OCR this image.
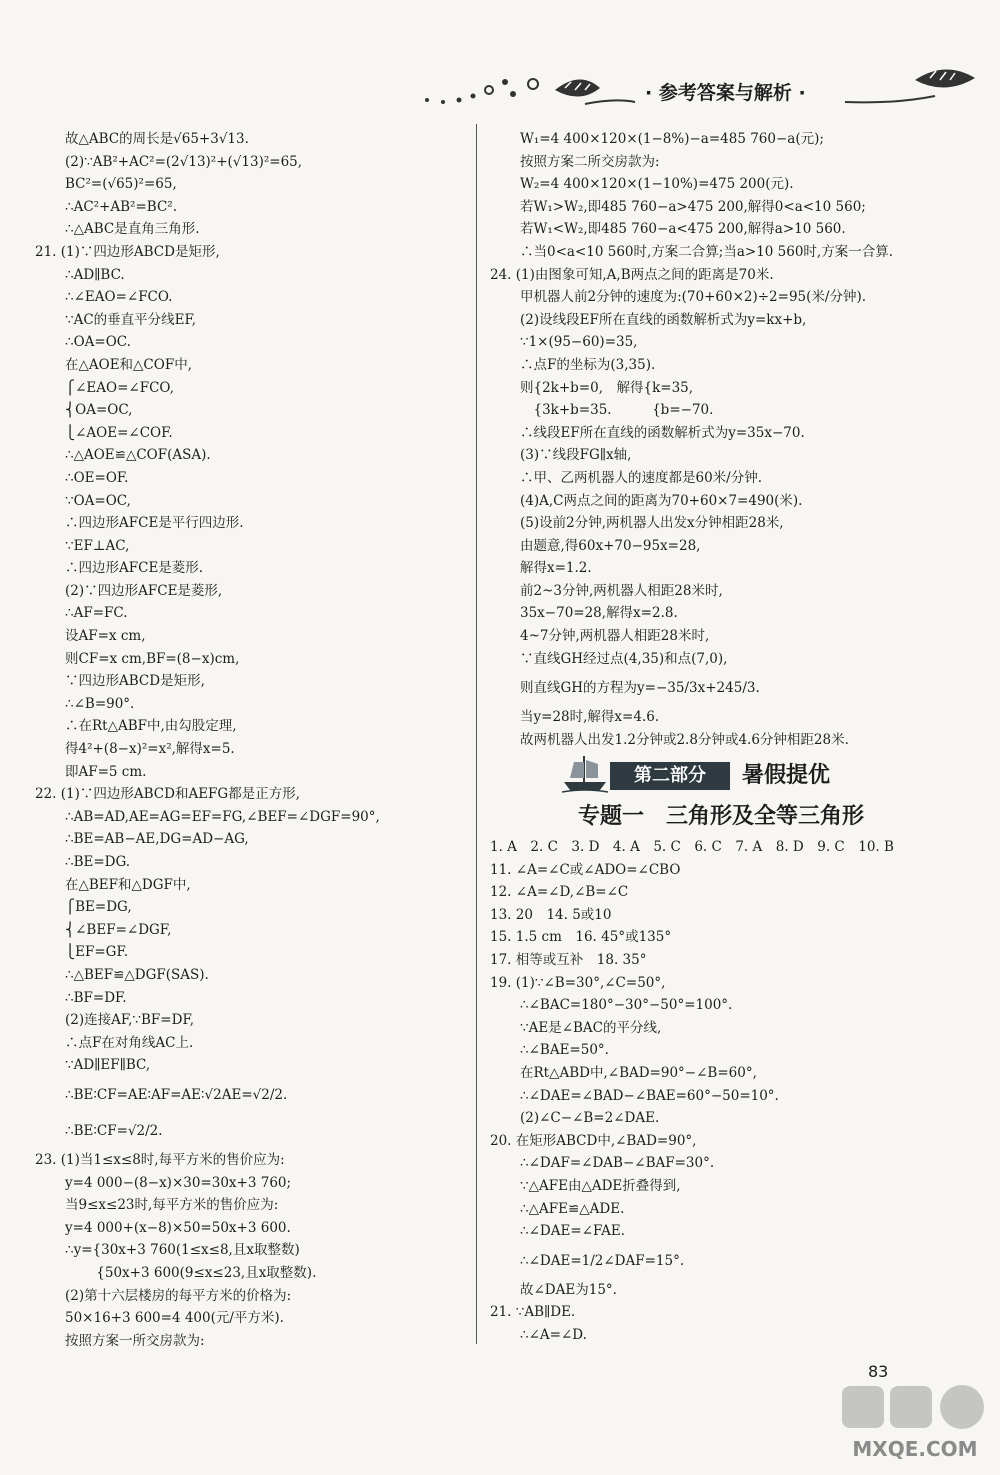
· 参考答案与解析 ·
故△ABC的周长是√65+3√13.
(2)∵AB²+AC²=(2√13)²+(√13)²=65,
BC²=(√65)²=65,
∴AC²+AB²=BC².
∴△ABC是直角三角形.
21. (1)∵四边形ABCD是矩形,
∴AD∥BC.
∴∠EAO=∠FCO.
∵AC的垂直平分线EF,
∴OA=OC.
在△AOE和△COF中,
⎧∠EAO=∠FCO,
⎨OA=OC,
⎩∠AOE=∠COF.
∴△AOE≌△COF(ASA).
∴OE=OF.
∵OA=OC,
∴四边形AFCE是平行四边形.
∵EF⊥AC,
∴四边形AFCE是菱形.
(2)∵四边形AFCE是菱形,
∴AF=FC.
设AF=x cm,
则CF=x cm,BF=(8−x)cm,
∵四边形ABCD是矩形,
∴∠B=90°.
∴在Rt△ABF中,由勾股定理,
得4²+(8−x)²=x²,解得x=5.
即AF=5 cm.
22. (1)∵四边形ABCD和AEFG都是正方形,
∴AB=AD,AE=AG=EF=FG,∠BEF=∠DGF=90°,
∴BE=AB−AE,DG=AD−AG,
∴BE=DG.
在△BEF和△DGF中,
⎧BE=DG,
⎨∠BEF=∠DGF,
⎩EF=GF.
∴△BEF≌△DGF(SAS).
∴BF=DF.
(2)连接AF,∵BF=DF,
∴点F在对角线AC上.
∵AD∥EF∥BC,
∴BE∶CF=AE∶AF=AE∶√2AE=√2/2.
∴BE∶CF=√2/2.
23. (1)当1≤x≤8时,每平方米的售价应为:
y=4 000−(8−x)×30=30x+3 760;
当9≤x≤23时,每平方米的售价应为:
y=4 000+(x−8)×50=50x+3 600.
∴y={30x+3 760(1≤x≤8,且x取整数)
　　 {50x+3 600(9≤x≤23,且x取整数).
(2)第十六层楼房的每平方米的价格为:
50×16+3 600=4 400(元/平方米).
按照方案一所交房款为:
W₁=4 400×120×(1−8%)−a=485 760−a(元);
按照方案二所交房款为:
W₂=4 400×120×(1−10%)=475 200(元).
若W₁>W₂,即485 760−a>475 200,解得0<a<10 560;
若W₁<W₂,即485 760−a<475 200,解得a>10 560.
∴当0<a<10 560时,方案二合算;当a>10 560时,方案一合算.
24. (1)由图象可知,A,B两点之间的距离是70米.
甲机器人前2分钟的速度为:(70+60×2)÷2=95(米/分钟).
(2)设线段EF所在直线的函数解析式为y=kx+b,
∵1×(95−60)=35,
∴点F的坐标为(3,35).
则{2k+b=0,　解得{k=35,
　{3k+b=35.　　　{b=−70.
∴线段EF所在直线的函数解析式为y=35x−70.
(3)∵线段FG∥x轴,
∴甲、乙两机器人的速度都是60米/分钟.
(4)A,C两点之间的距离为70+60×7=490(米).
(5)设前2分钟,两机器人出发x分钟相距28米,
由题意,得60x+70−95x=28,
解得x=1.2.
前2~3分钟,两机器人相距28米时,
35x−70=28,解得x=2.8.
4~7分钟,两机器人相距28米时,
∵直线GH经过点(4,35)和点(7,0),
则直线GH的方程为y=−35/3x+245/3.
当y=28时,解得x=4.6.
故两机器人出发1.2分钟或2.8分钟或4.6分钟相距28米.
第二部分	暑假提优
专题一　三角形及全等三角形
1. A　2. C　3. D　4. A　5. C　6. C　7. A　8. D　9. C　10. B
11. ∠A=∠C或∠ADO=∠CBO
12. ∠A=∠D,∠B=∠C
13. 20　14. 5或10
15. 1.5 cm　16. 45°或135°
17. 相等或互补　18. 35°
19. (1)∵∠B=30°,∠C=50°,
∴∠BAC=180°−30°−50°=100°.
∵AE是∠BAC的平分线,
∴∠BAE=50°.
在Rt△ABD中,∠BAD=90°−∠B=60°,
∴∠DAE=∠BAD−∠BAE=60°−50=10°.
(2)∠C−∠B=2∠DAE.
20. 在矩形ABCD中,∠BAD=90°,
∴∠DAF=∠DAB−∠BAF=30°.
∵△AFE由△ADE折叠得到,
∴△AFE≌△ADE.
∴∠DAE=∠FAE.
∴∠DAE=1/2∠DAF=15°.
故∠DAE为15°.
21. ∵AB∥DE.
∴∠A=∠D.
83
MXQE.COM
